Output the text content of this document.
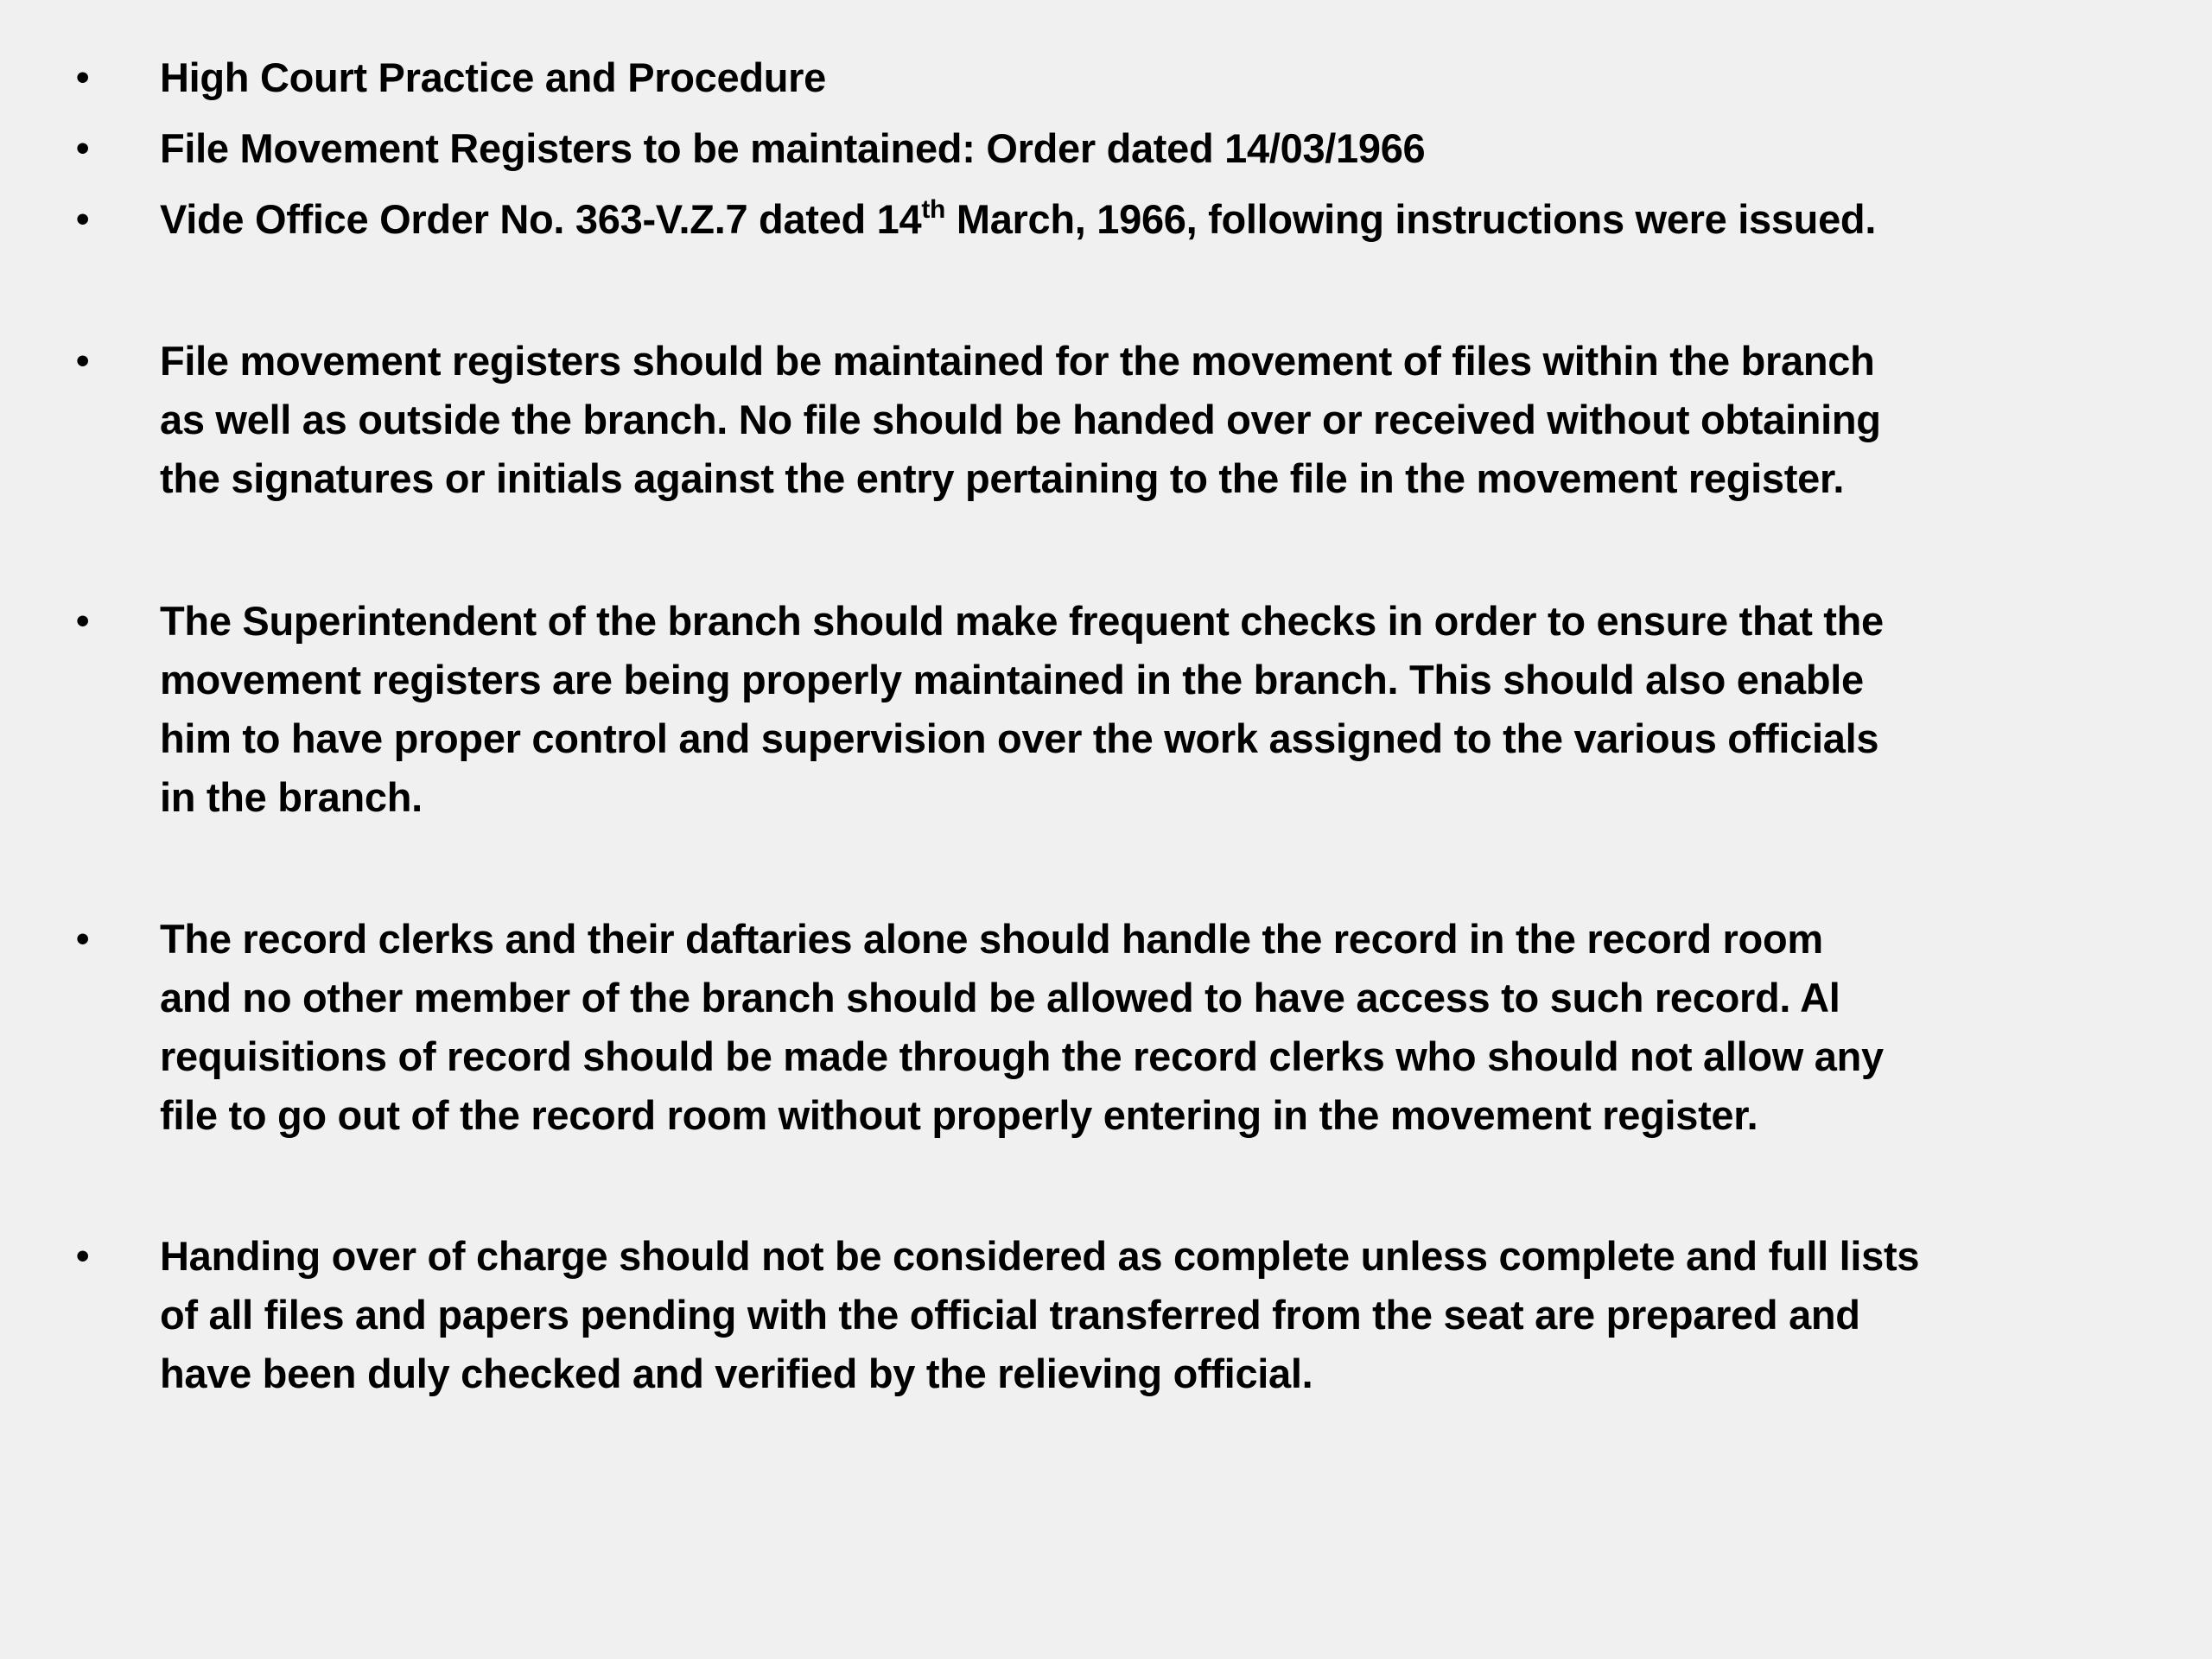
• High Court Practice and Procedure
• File Movement Registers to be maintained: Order dated 14/03/1966
• Vide Office Order No. 363-V.Z.7 dated 14th March, 1966, following instructions were issued.
• File movement registers should be maintained for the movement of files within the branch
as well as outside the branch. No file should be handed over or received without obtaining
the signatures or initials against the entry pertaining to the file in the movement register.
• The Superintendent of the branch should make frequent checks in order to ensure that the
movement registers are being properly maintained in the branch. This should also enable
him to have proper control and supervision over the work assigned to the various officials
in the branch.
• The record clerks and their daftaries alone should handle the record in the record room
and no other member of the branch should be allowed to have access to such record. Al
requisitions of record should be made through the record clerks who should not allow any
file to go out of the record room without properly entering in the movement register.
• Handing over of charge should not be considered as complete unless complete and full lists
of all files and papers pending with the official transferred from the seat are prepared and
have been duly checked and verified by the relieving official.
